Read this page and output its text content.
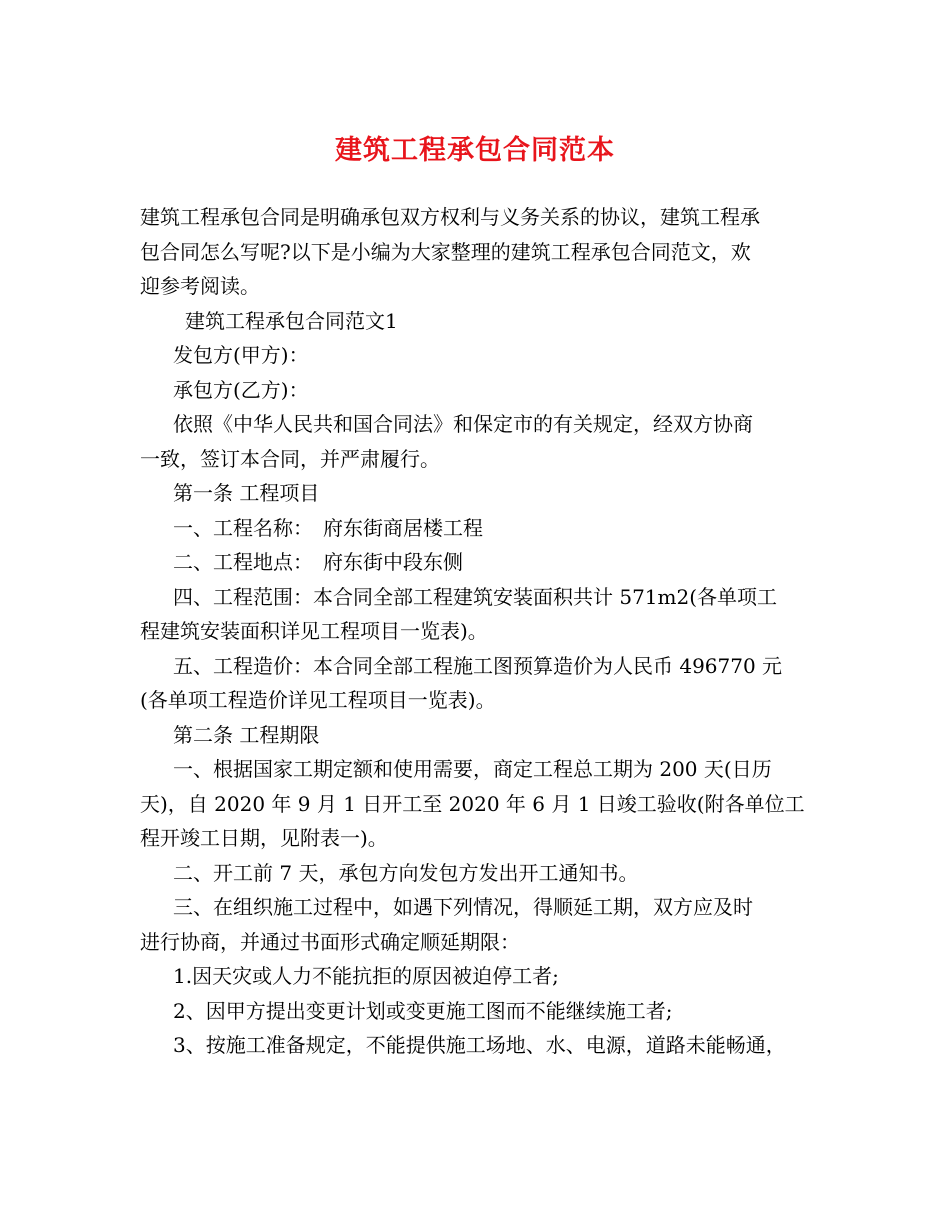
建筑工程承包合同范本

建筑工程承包合同是明确承包双方权利与义务关系的协议，建筑工程承

包合同怎么写呢?以下是小编为大家整理的建筑工程承包合同范文，欢

迎参考阅读。

建筑工程承包合同范文1

发包方(甲方)：

承包方(乙方)：

依照《中华人民共和国合同法》和保定市的有关规定，经双方协商

一致，签订本合同，并严肃履行。

第一条 工程项目

一、工程名称：　府东街商居楼工程

二、工程地点：　府东街中段东侧

四、工程范围：本合同全部工程建筑安装面积共计 571m2(各单项工

程建筑安装面积详见工程项目一览表)。

五、工程造价：本合同全部工程施工图预算造价为人民币 496770 元

(各单项工程造价详见工程项目一览表)。

第二条 工程期限

一、根据国家工期定额和使用需要，商定工程总工期为 200 天(日历

天)，自 2020 年 9 月 1 日开工至 2020 年 6 月 1 日竣工验收(附各单位工

程开竣工日期，见附表一)。

二、开工前 7 天，承包方向发包方发出开工通知书。

三、在组织施工过程中，如遇下列情况，得顺延工期，双方应及时

进行协商，并通过书面形式确定顺延期限：

1.因天灾或人力不能抗拒的原因被迫停工者;

2、因甲方提出变更计划或变更施工图而不能继续施工者;

3、按施工准备规定，不能提供施工场地、水、电源，道路未能畅通，
